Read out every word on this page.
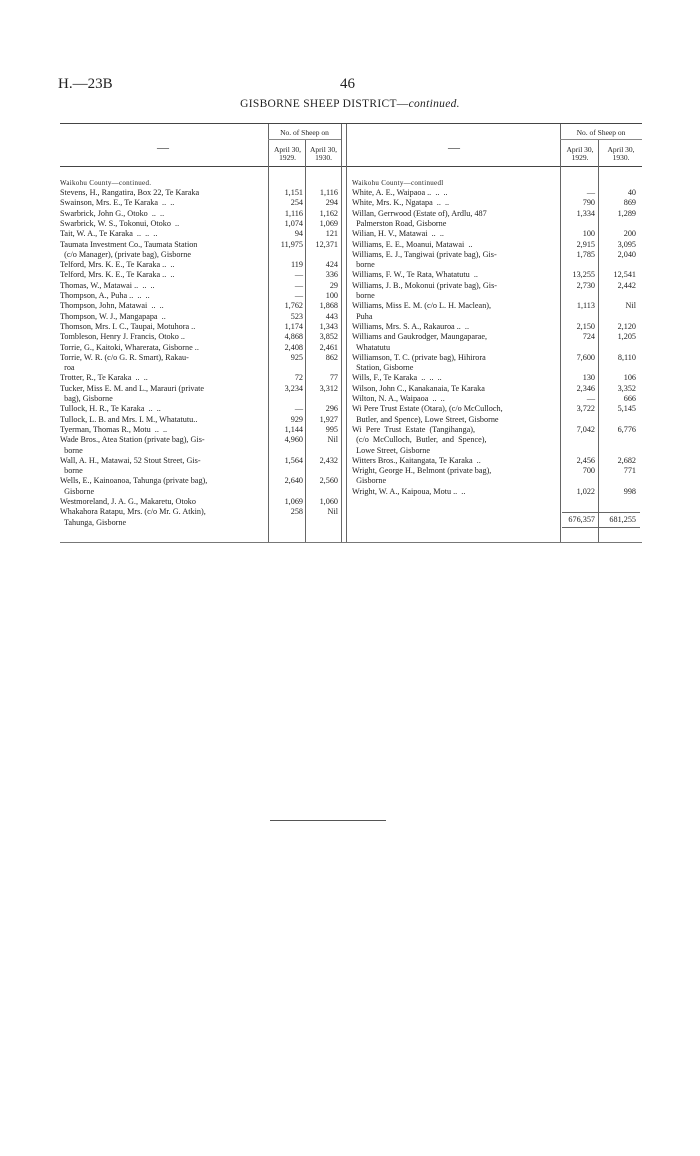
H.—23B	46
GISBORNE SHEEP DISTRICT—continued.
—	—
No. of Sheep on
April 30, 1929.
April 30, 1930.
No. of Sheep on
April 30, 1929.
April 30, 1930.
Waikohu County—continued.
Stevens, H., Rangatira, Box 22, Te Karaka	1,151	1,116
Swainson, Mrs. E., Te Karaka  ..  ..	254	294
Swarbrick, John G., Otoko  ..  ..	1,116	1,162
Swarbrick, W. S., Tokonui, Otoko  ..	1,074	1,069
Tait, W. A., Te Karaka  ..  ..  ..	94	121
Taumata Investment Co., Taumata Station	11,975	12,371
(c/o Manager), (private bag), Gisborne
Telford, Mrs. K. E., Te Karaka ..  ..	119	424
Telford, Mrs. K. E., Te Karaka ..  ..	—	336
Thomas, W., Matawai ..  ..  ..	—	29
Thompson, A., Puha ..  ..  ..	—	100
Thompson, John, Matawai  ..  ..	1,762	1,868
Thompson, W. J., Mangapapa  ..	523	443
Thomson, Mrs. I. C., Taupai, Motuhora ..	1,174	1,343
Tombleson, Henry J. Francis, Otoko ..	4,868	3,852
Torrie, G., Kaitoki, Wharerata, Gisborne ..	2,408	2,461
Torrie, W. R. (c/o G. R. Smart), Rakau-	925	862
roa
Trotter, R., Te Karaka  ..  ..	72	77
Tucker, Miss E. M. and L., Marauri (private	3,234	3,312
bag), Gisborne
Tullock, H. R., Te Karaka  ..  ..	—	296
Tullock, L. B. and Mrs. I. M., Whatatutu..	929	1,927
Tyerman, Thomas R., Motu  ..  ..	1,144	995
Wade Bros., Atea Station (private bag), Gis-	4,960	Nil
borne
Wall, A. H., Matawai, 52 Stout Street, Gis-	1,564	2,432
borne
Wells, E., Kainoanoa, Tahunga (private bag),	2,640	2,560
Gisborne
Westmoreland, J. A. G., Makaretu, Otoko	1,069	1,060
Whakahora Ratapu, Mrs. (c/o Mr. G. Atkin),	258	Nil
Tahunga, Gisborne
Waikohu County—continuedl
White, A. E., Waipaoa ..  ..  ..	—	40
White, Mrs. K., Ngatapa  ..  ..	790	869
Willan, Gerrwood (Estate of), Ardlu, 487	1,334	1,289
Palmerston Road, Gisborne
Wilian, H. V., Matawai  ..  ..	100	200
Williams, E. E., Moanui, Matawai  ..	2,915	3,095
Williams, E. J., Tangiwai (private bag), Gis-	1,785	2,040
borne
Williams, F. W., Te Rata, Whatatutu  ..	13,255	12,541
Williams, J. B., Mokonui (private bag), Gis-	2,730	2,442
borne
Williams, Miss E. M. (c/o L. H. Maclean),	1,113	Nil
Puha
Williams, Mrs. S. A., Rakauroa ..  ..	2,150	2,120
Williams and Gaukrodger, Maungaparae,	724	1,205
Whatatutu
Williamson, T. C. (private bag), Hihirora	7,600	8,110
Station, Gisborne
Wills, F., Te Karaka  ..  ..  ..	130	106
Wilson, John C., Kanakanaia, Te Karaka	2,346	3,352
Wilton, N. A., Waipaoa  ..  ..	—	666
Wi Pere Trust Estate (Otara), (c/o McCulloch,	3,722	5,145
Butler, and Spence), Lowe Street, Gisborne
Wi  Pere  Trust  Estate  (Tangihanga),	7,042	6,776
(c/o  McCulloch,  Butler,  and  Spence),
Lowe Street, Gisborne
Witters Bros., Kaitangata, Te Karaka  ..	2,456	2,682
Wright, George H., Belmont (private bag),	700	771
Gisborne
Wright, W. A., Kaipoua, Motu ..  ..	1,022	998
676,357	681,255
